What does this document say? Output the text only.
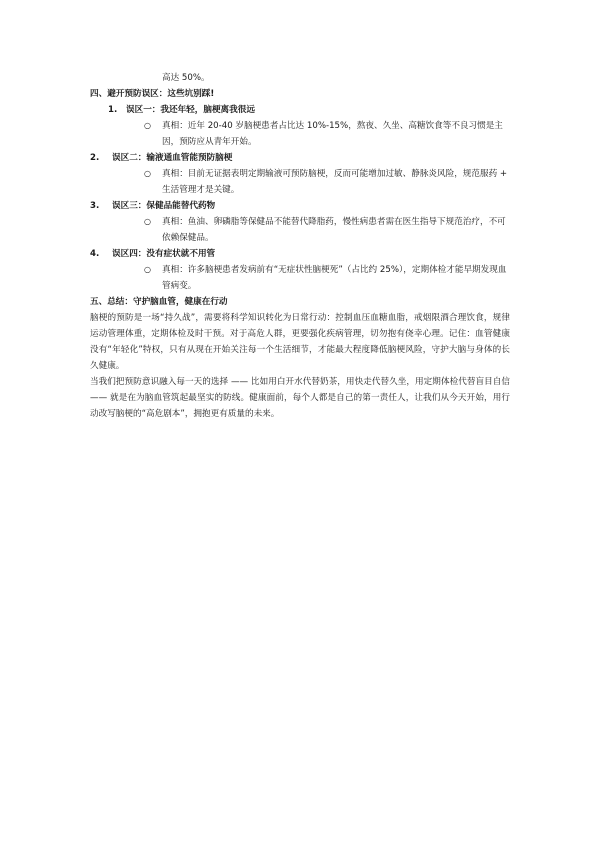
高达 50%。
四、避开预防误区：这些坑别踩!
1.	误区一：我还年轻，脑梗离我很远
○	真相：近年 20-40 岁脑梗患者占比达 10%-15%，熬夜、久坐、高糖饮食等不良习惯是主因，预防应从青年开始。
2.	误区二：输液通血管能预防脑梗
○	真相：目前无证据表明定期输液可预防脑梗，反而可能增加过敏、静脉炎风险，规范服药 + 生活管理才是关键。
3.	误区三：保健品能替代药物
○	真相：鱼油、卵磷脂等保健品不能替代降脂药，慢性病患者需在医生指导下规范治疗，不可依赖保健品。
4.	误区四：没有症状就不用管
○	真相：许多脑梗患者发病前有“无症状性脑梗死”（占比约 25%），定期体检才能早期发现血管病变。
五、总结：守护脑血管，健康在行动
脑梗的预防是一场“持久战”，需要将科学知识转化为日常行动：控制血压血糖血脂，戒烟限酒合理饮食，规律运动管理体重，定期体检及时干预。对于高危人群，更要强化疾病管理，切勿抱有侥幸心理。记住：血管健康没有“年轻化”特权，只有从现在开始关注每一个生活细节，才能最大程度降低脑梗风险，守护大脑与身体的长久健康。
当我们把预防意识融入每一天的选择 —— 比如用白开水代替奶茶，用快走代替久坐，用定期体检代替盲目自信 —— 就是在为脑血管筑起最坚实的防线。健康面前，每个人都是自己的第一责任人，让我们从今天开始，用行动改写脑梗的“高危剧本”，拥抱更有质量的未来。
